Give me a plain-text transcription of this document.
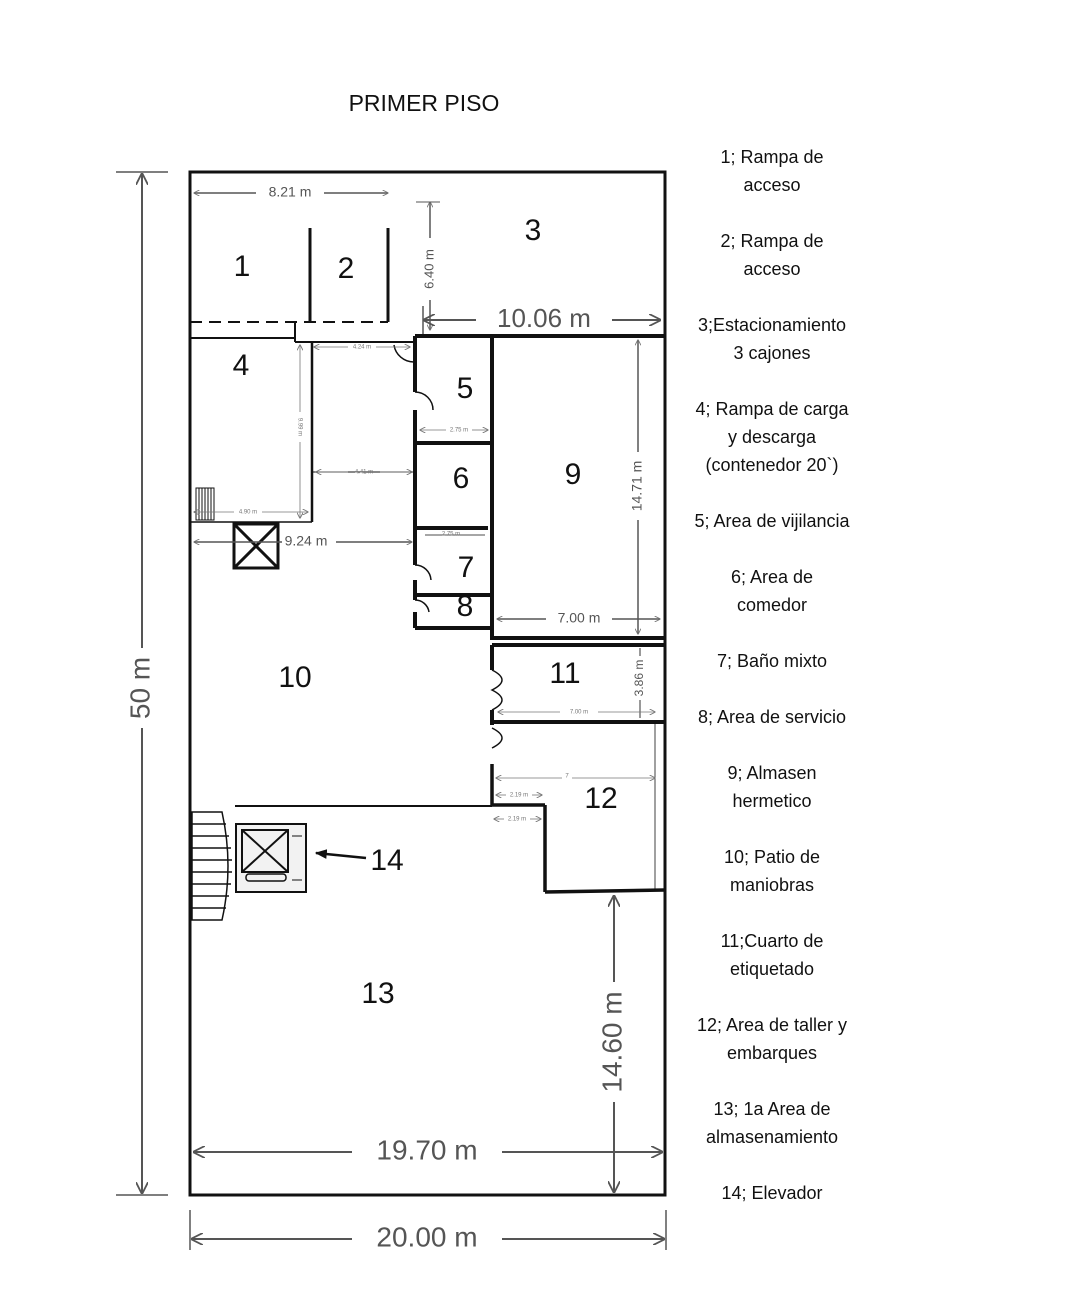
PRIMER PISO
1	2
3
4
5
6
7
8
9
10	11
12
13
14
50 m
20.00 m
19.70 m
14.60 m
8.21 m
6.40 m
10.06 m
14.71 m
7.00 m
3.86 m
7.00 m
9.24 m
4.24 m
9.99 m
4.41 m
4.90 m
2.75 m
2.75 m
7
2.19 m
2.19 m
1; Rampa de
acceso
2; Rampa de
acceso
3;Estacionamiento
3 cajones
4; Rampa de carga
y descarga
(contenedor 20`)
5; Area de vijilancia
6; Area de
comedor
7; Baño mixto
8; Area de servicio
9; Almasen
hermetico
10; Patio de
maniobras
11;Cuarto de
etiquetado
12; Area de taller y
embarques
13; 1a Area de
almasenamiento
14; Elevador
